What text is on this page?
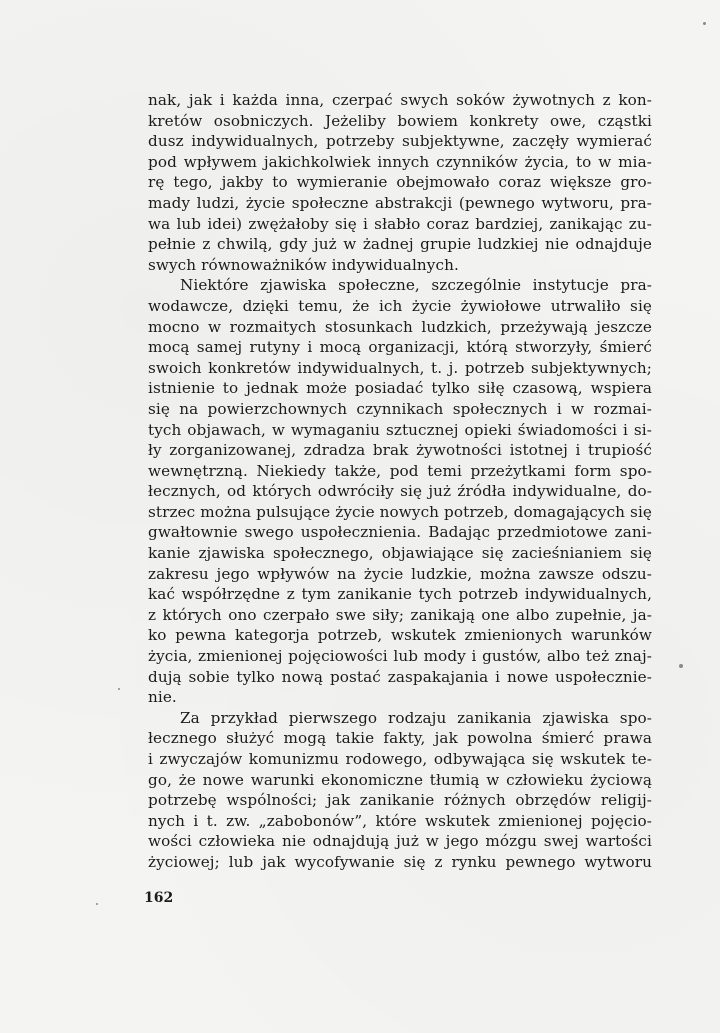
nak, jak i każda inna, czerpać swych soków żywotnych z kon-
kretów osobniczych. Jeżeliby bowiem konkrety owe, cząstki
dusz indywidualnych, potrzeby subjektywne, zaczęły wymierać
pod wpływem jakichkolwiek innych czynników życia, to w mia-
rę tego, jakby to wymieranie obejmowało coraz większe gro-
mady ludzi, życie społeczne abstrakcji (pewnego wytworu, pra-
wa lub idei) zwężałoby się i słabło coraz bardziej, zanikając zu-
pełnie z chwilą, gdy już w żadnej grupie ludzkiej nie odnajduje
swych równoważników indywidualnych.
Niektóre zjawiska społeczne, szczególnie instytucje pra-
wodawcze, dzięki temu, że ich życie żywiołowe utrwaliło się
mocno w rozmaitych stosunkach ludzkich, przeżywają jeszcze
mocą samej rutyny i mocą organizacji, którą stworzyły, śmierć
swoich konkretów indywidualnych, t. j. potrzeb subjektywnych;
istnienie to jednak może posiadać tylko siłę czasową, wspiera
się na powierzchownych czynnikach społecznych i w rozmai-
tych objawach, w wymaganiu sztucznej opieki świadomości i si-
ły zorganizowanej, zdradza brak żywotności istotnej i trupiość
wewnętrzną. Niekiedy także, pod temi przeżytkami form spo-
łecznych, od których odwróciły się już źródła indywidualne, do-
strzec można pulsujące życie nowych potrzeb, domagających się
gwałtownie swego uspołecznienia. Badając przedmiotowe zani-
kanie zjawiska społecznego, objawiające się zacieśnianiem się
zakresu jego wpływów na życie ludzkie, można zawsze odszu-
kać współrzędne z tym zanikanie tych potrzeb indywidualnych,
z których ono czerpało swe siły; zanikają one albo zupełnie, ja-
ko pewna kategorja potrzeb, wskutek zmienionych warunków
życia, zmienionej pojęciowości lub mody i gustów, albo też znaj-
dują sobie tylko nową postać zaspakajania i nowe uspołecznie-
nie.
Za przykład pierwszego rodzaju zanikania zjawiska spo-
łecznego służyć mogą takie fakty, jak powolna śmierć prawa
i zwyczajów komunizmu rodowego, odbywająca się wskutek te-
go, że nowe warunki ekonomiczne tłumią w człowieku życiową
potrzebę wspólności; jak zanikanie różnych obrzędów religij-
nych i t. zw. „zabobonów”, które wskutek zmienionej pojęcio-
wości człowieka nie odnajdują już w jego mózgu swej wartości
życiowej; lub jak wycofywanie się z rynku pewnego wytworu
162
